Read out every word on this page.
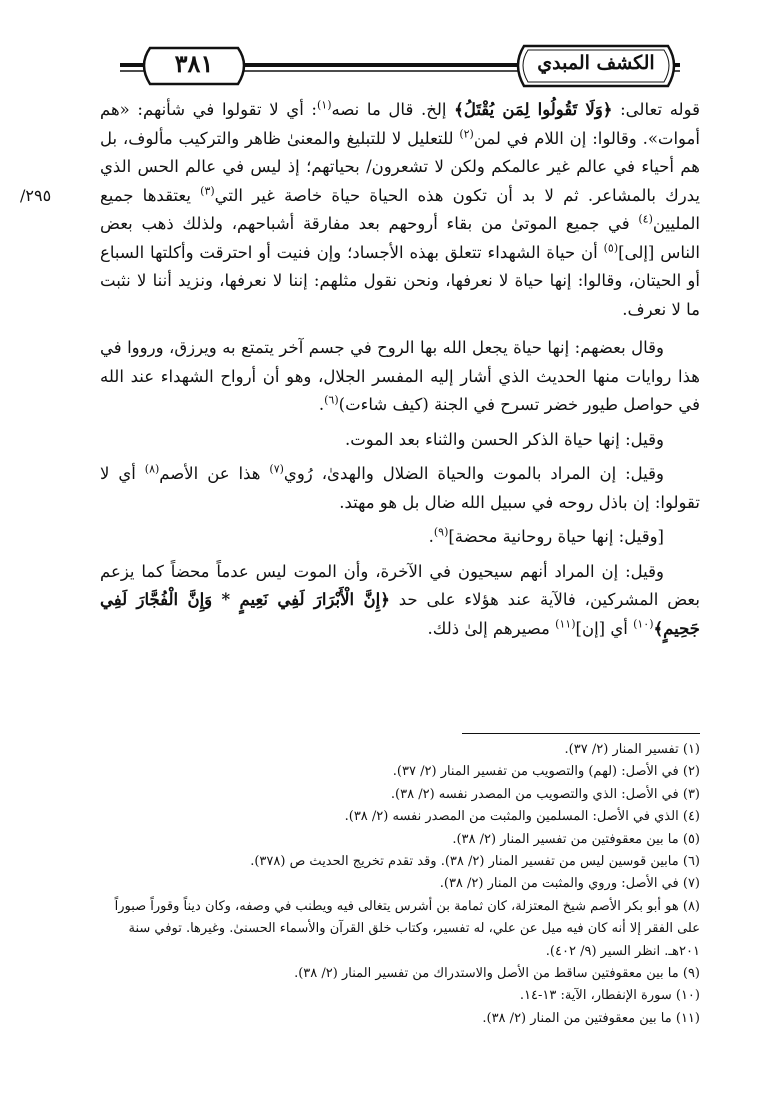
٣٨١	الكشف المبدي
٢٩٥/

قوله تعالى: ﴿وَلَا تَقُولُوا لِمَن يُقْتَلُ﴾ إلخ. قال ما نصه$^{(١)}$: أي لا تقولوا في شأنهم: «هم أموات». وقالوا: إن اللام في لمن$^{(٢)}$ للتعليل لا للتبليغ والمعنىٰ ظاهر والتركيب مألوف، بل هم أحياء في عالم غير عالمكم ولكن لا تشعرون/ بحياتهم؛ إذ ليس في عالم الحس الذي يدرك بالمشاعر. ثم لا بد أن تكون هذه الحياة حياة خاصة غير التي$^{(٣)}$ يعتقدها جميع المليين$^{(٤)}$ في جميع الموتىٰ من بقاء أروحهم بعد مفارقة أشباحهم، ولذلك ذهب بعض الناس [إلى]$^{(٥)}$ أن حياة الشهداء تتعلق بهذه الأجساد؛ وإن فنيت أو احترقت وأكلتها السباع أو الحيتان، وقالوا: إنها حياة لا نعرفها، ونحن نقول مثلهم: إننا لا نعرفها، ونزيد أننا لا نثبت ما لا نعرف.

وقال بعضهم: إنها حياة يجعل الله بها الروح في جسم آخر يتمتع به ويرزق، ورووا في هذا روايات منها الحديث الذي أشار إليه المفسر الجلال، وهو أن أرواح الشهداء عند الله في حواصل طيور خضر تسرح في الجنة (كيف شاءت)$^{(٦)}$.

وقيل: إنها حياة الذكر الحسن والثناء بعد الموت.

وقيل: إن المراد بالموت والحياة الضلال والهدىٰ، رُوي$^{(٧)}$ هذا عن الأصم$^{(٨)}$ أي لا تقولوا: إن باذل روحه في سبيل الله ضال بل هو مهتد.

[وقيل: إنها حياة روحانية محضة]$^{(٩)}$.

وقيل: إن المراد أنهم سيحيون في الآخرة، وأن الموت ليس عدماً محضاً كما يزعم بعض المشركين، فالآية عند هؤلاء على حد ﴿إِنَّ الْأَبْرَارَ لَفِي نَعِيمٍ * وَإِنَّ الْفُجَّارَ لَفِي جَحِيمٍ﴾$^{(١٠)}$ أي [إن]$^{(١١)}$ مصيرهم إلىٰ ذلك.

(١) تفسير المنار (٢/ ٣٧).

(٢) في الأصل: (لهم) والتصويب من تفسير المنار (٢/ ٣٧).

(٣) في الأصل: الذي والتصويب من المصدر نفسه (٢/ ٣٨).

(٤) الذي في الأصل: المسلمين والمثبت من المصدر نفسه (٢/ ٣٨).

(٥) ما بين معقوفتين من تفسير المنار (٢/ ٣٨).

(٦) مابين قوسين ليس من تفسير المنار (٢/ ٣٨). وقد تقدم تخريج الحديث ص (٣٧٨).

(٧) في الأصل: وروي والمثبت من المنار (٢/ ٣٨).

(٨) هو أبو بكر الأصم شيخ المعتزلة، كان ثمامة بن أشرس يتغالى فيه ويطنب في وصفه، وكان ديناً وقوراً صبوراً على الفقر إلا أنه كان فيه ميل عن علي، له تفسير، وكتاب خلق القرآن والأسماء الحسنىٰ. وغيرها. توفي سنة ٢٠١هـ. انظر السير (٩/ ٤٠٢).

(٩) ما بين معقوفتين ساقط من الأصل والاستدراك من تفسير المنار (٢/ ٣٨).

(١٠) سورة الإنفطار، الآية: ١٣-١٤.

(١١) ما بين معقوفتين من المنار (٢/ ٣٨).
